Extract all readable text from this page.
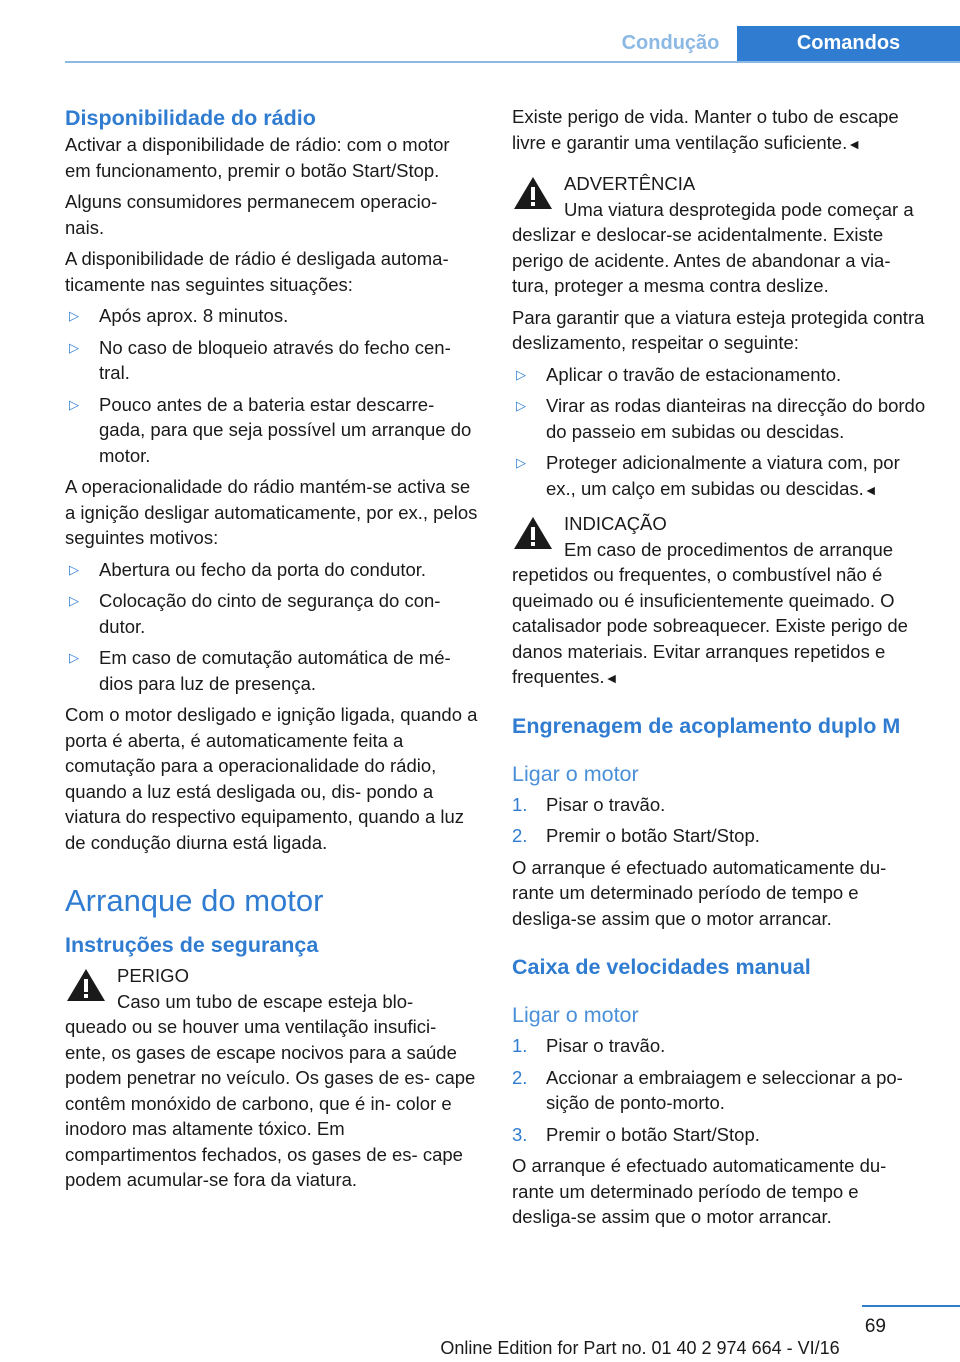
Condução	Comandos
Disponibilidade do rádio

Activar a disponibilidade de rádio: com o motor em funcionamento, premir o botão Start/Stop.

Alguns consumidores permanecem operacio‐ nais.

A disponibilidade de rádio é desligada automa‐ ticamente nas seguintes situações:

▷ Após aprox. 8 minutos.
▷ No caso de bloqueio através do fecho cen‐ tral.
▷ Pouco antes de a bateria estar descarre‐ gada, para que seja possível um arranque do motor.

A operacionalidade do rádio mantém-se activa se a ignição desligar automaticamente, por ex., pelos seguintes motivos:

▷ Abertura ou fecho da porta do condutor.
▷ Colocação do cinto de segurança do con‐ dutor.
▷ Em caso de comutação automática de mé‐ dios para luz de presença.

Com o motor desligado e ignição ligada, quando a porta é aberta, é automaticamente feita a comutação para a operacionalidade do rádio, quando a luz está desligada ou, dis‐ pondo a viatura do respectivo equipamento, quando a luz de condução diurna está ligada.

Arranque do motor
Instruções de segurança
PERIGO
Caso um tubo de escape esteja blo‐ queado ou se houver uma ventilação insufici‐ ente, os gases de escape nocivos para a saúde podem penetrar no veículo. Os gases de es‐ cape contêm monóxido de carbono, que é in‐ color e inodoro mas altamente tóxico. Em compartimentos fechados, os gases de es‐ cape podem acumular-se fora da viatura.

Existe perigo de vida. Manter o tubo de escape livre e garantir uma ventilação suficiente.◄

ADVERTÊNCIA
Uma viatura desprotegida pode começar a deslizar e deslocar-se acidentalmente. Existe perigo de acidente. Antes de abandonar a via‐ tura, proteger a mesma contra deslize.

Para garantir que a viatura esteja protegida contra deslizamento, respeitar o seguinte:

▷ Aplicar o travão de estacionamento.
▷ Virar as rodas dianteiras na direcção do bordo do passeio em subidas ou descidas.
▷ Proteger adicionalmente a viatura com, por ex., um calço em subidas ou descidas.◄
INDICAÇÃO
Em caso de procedimentos de arranque repetidos ou frequentes, o combustível não é queimado ou é insuficientemente queimado. O catalisador pode sobreaquecer. Existe perigo de danos materiais. Evitar arranques repetidos e frequentes.◄
Engrenagem de acoplamento duplo M
Ligar o motor
1. Pisar o travão.
2. Premir o botão Start/Stop.

O arranque é efectuado automaticamente du‐ rante um determinado período de tempo e desliga-se assim que o motor arrancar.

Caixa de velocidades manual
Ligar o motor
1. Pisar o travão.
2. Accionar a embraiagem e seleccionar a po‐ sição de ponto-morto.
3. Premir o botão Start/Stop.

O arranque é efectuado automaticamente du‐ rante um determinado período de tempo e desliga-se assim que o motor arrancar.

69
Online Edition for Part no. 01 40 2 974 664 - VI/16
